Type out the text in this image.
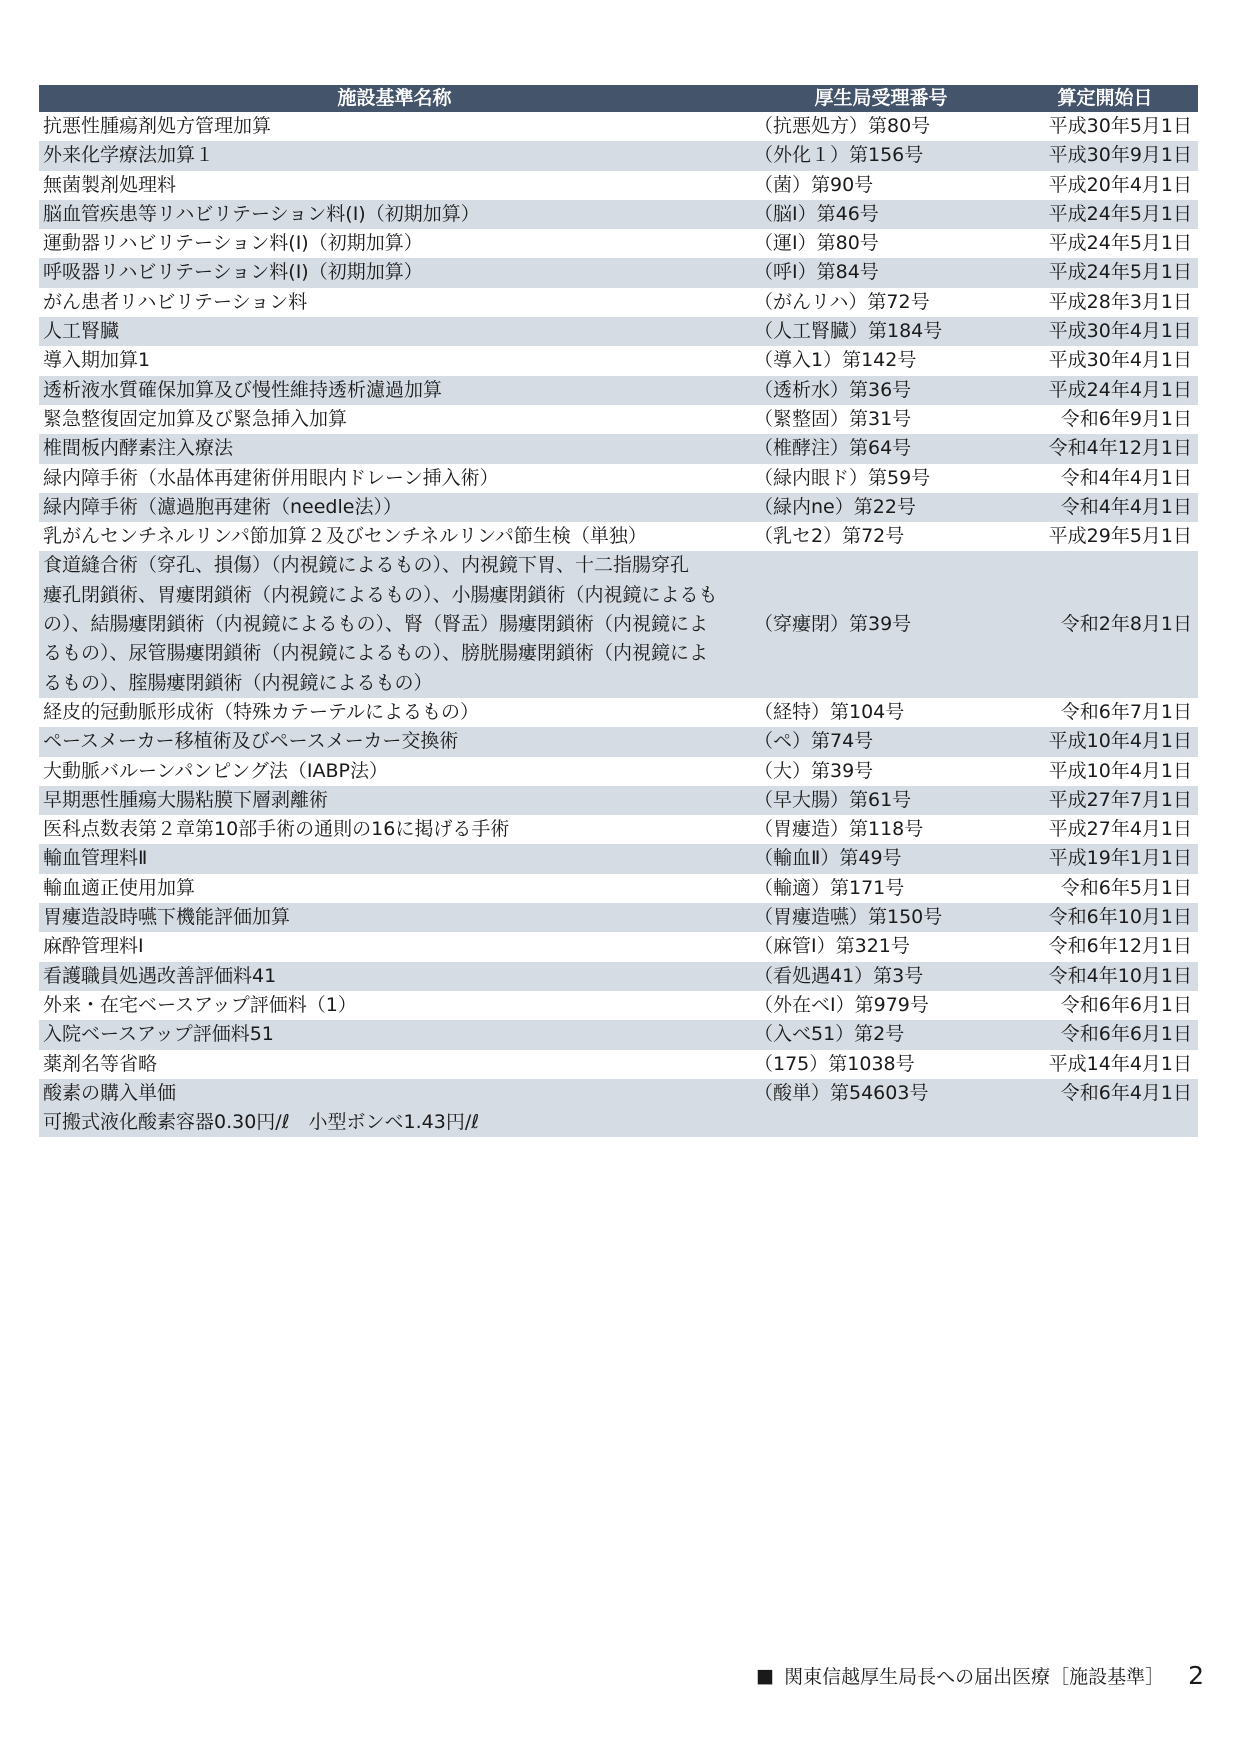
施設基準名称	厚生局受理番号	算定開始日

抗悪性腫瘍剤処方管理加算	（抗悪処方）第80号	平成30年5月1日

外来化学療法加算１	（外化１）第156号	平成30年9月1日

無菌製剤処理料	（菌）第90号	平成20年4月1日

脳血管疾患等リハビリテーション料(Ⅰ)（初期加算）	（脳Ⅰ）第46号	平成24年5月1日

運動器リハビリテーション料(Ⅰ)（初期加算）	（運Ⅰ）第80号	平成24年5月1日

呼吸器リハビリテーション料(Ⅰ)（初期加算）	（呼Ⅰ）第84号	平成24年5月1日

がん患者リハビリテーション料	（がんリハ）第72号	平成28年3月1日

人工腎臓	（人工腎臓）第184号	平成30年4月1日

導入期加算1	（導入1）第142号	平成30年4月1日

透析液水質確保加算及び慢性維持透析濾過加算	（透析水）第36号	平成24年4月1日

緊急整復固定加算及び緊急挿入加算	（緊整固）第31号	令和6年9月1日

椎間板内酵素注入療法	（椎酵注）第64号	令和4年12月1日

緑内障手術（水晶体再建術併用眼内ドレーン挿入術）	（緑内眼ド）第59号	令和4年4月1日

緑内障手術（濾過胞再建術（needle法））	（緑内ne）第22号	令和4年4月1日

乳がんセンチネルリンパ節加算２及びセンチネルリンパ節生検（単独）	（乳セ2）第72号	平成29年5月1日

食道縫合術（穿孔、損傷）（内視鏡によるもの）、内視鏡下胃、十二指腸穿孔
瘻孔閉鎖術、胃瘻閉鎖術（内視鏡によるもの）、小腸瘻閉鎖術（内視鏡によるも
の）、結腸瘻閉鎖術（内視鏡によるもの）、腎（腎盂）腸瘻閉鎖術（内視鏡によ
るもの）、尿管腸瘻閉鎖術（内視鏡によるもの）、膀胱腸瘻閉鎖術（内視鏡によ
るもの）、腟腸瘻閉鎖術（内視鏡によるもの）	（穿瘻閉）第39号	令和2年8月1日

経皮的冠動脈形成術（特殊カテーテルによるもの）	（経特）第104号	令和6年7月1日

ペースメーカー移植術及びペースメーカー交換術	（ペ）第74号	平成10年4月1日

大動脈バルーンパンピング法（IABP法）	（大）第39号	平成10年4月1日

早期悪性腫瘍大腸粘膜下層剥離術	（早大腸）第61号	平成27年7月1日

医科点数表第２章第10部手術の通則の16に掲げる手術	（胃瘻造）第118号	平成27年4月1日

輸血管理料Ⅱ	（輸血Ⅱ）第49号	平成19年1月1日

輸血適正使用加算	（輸適）第171号	令和6年5月1日

胃瘻造設時嚥下機能評価加算	（胃瘻造嚥）第150号	令和6年10月1日

麻酔管理料Ⅰ	（麻管Ⅰ）第321号	令和6年12月1日

看護職員処遇改善評価料41	（看処遇41）第3号	令和4年10月1日

外来・在宅ベースアップ評価料（1）	（外在ベⅠ）第979号	令和6年6月1日

入院ベースアップ評価料51	（入べ51）第2号	令和6年6月1日

薬剤名等省略	（175）第1038号	平成14年4月1日

酸素の購入単価
可搬式液化酸素容器0.30円/ℓ　小型ボンベ1.43円/ℓ	（酸単）第54603号	令和6年4月1日
■ 関東信越厚生局長への届出医療［施設基準］ 2
